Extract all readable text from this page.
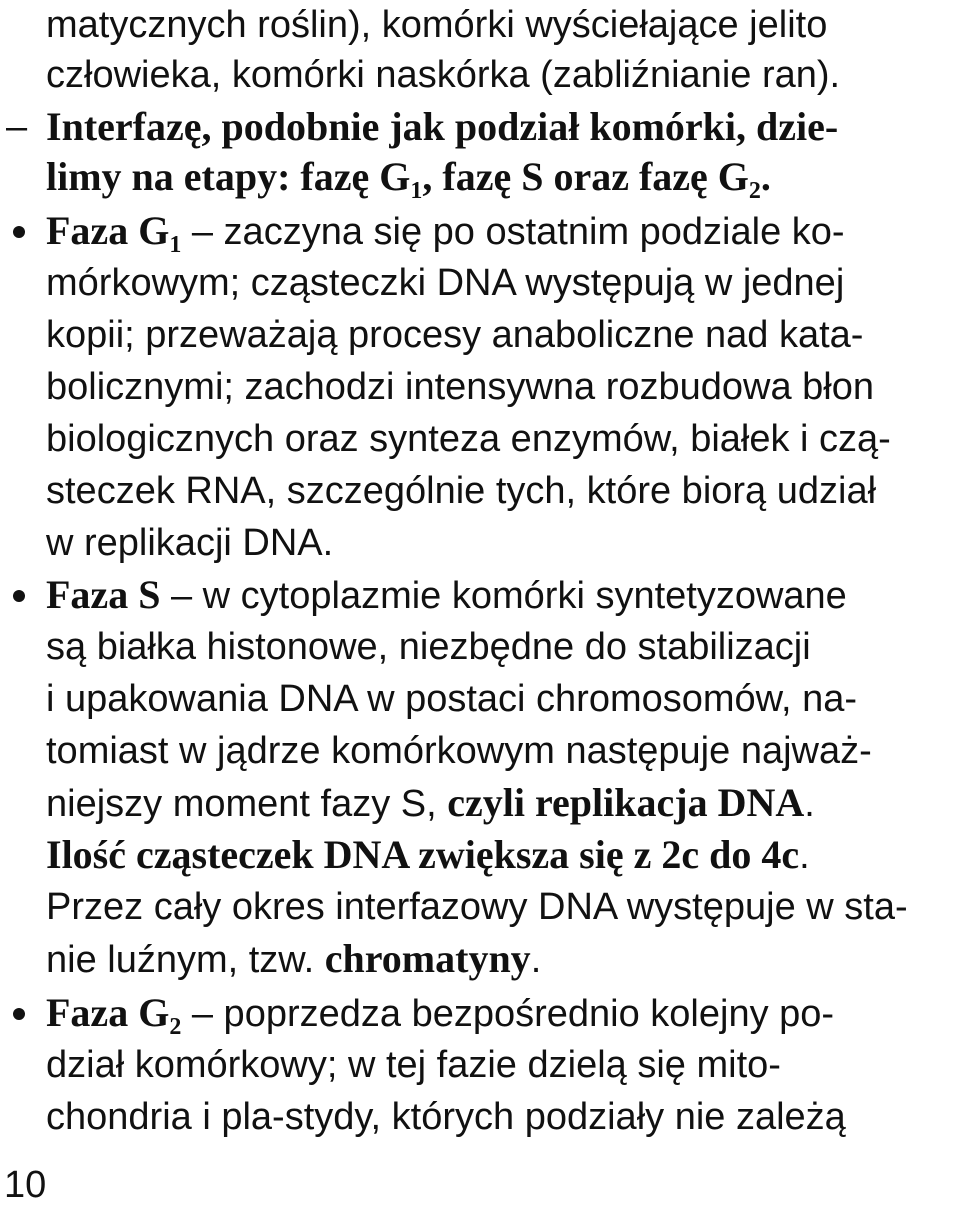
matycznych roślin), komórki wyściełające jelito
człowieka, komórki naskórka (zabliźnianie ran).
– Interfazę, podobnie jak podział komórki, dzie-
limy na etapy: fazę $G_1$, fazę S oraz fazę $G_2$.
Faza $G_1$ – zaczyna się po ostatnim podziale ko-
mórkowym; cząsteczki DNA występują w jednej
kopii; przeważają procesy anaboliczne nad kata-
bolicznymi; zachodzi intensywna rozbudowa błon
biologicznych oraz synteza enzymów, białek i czą-
steczek RNA, szczególnie tych, które biorą udział
w replikacji DNA.
Faza S – w cytoplazmie komórki syntetyzowane
są białka histonowe, niezbędne do stabilizacji
i upakowania DNA w postaci chromosomów, na-
tomiast w jądrze komórkowym następuje najważ-
niejszy moment fazy S, czyli replikacja DNA.
Ilość cząsteczek DNA zwiększa się z 2c do 4c.
Przez cały okres interfazowy DNA występuje w sta-
nie luźnym, tzw. chromatyny.
Faza $G_2$ – poprzedza bezpośrednio kolejny po-
dział komórkowy; w tej fazie dzielą się mito-
chondria i pla-stydy, których podziały nie zależą
10
